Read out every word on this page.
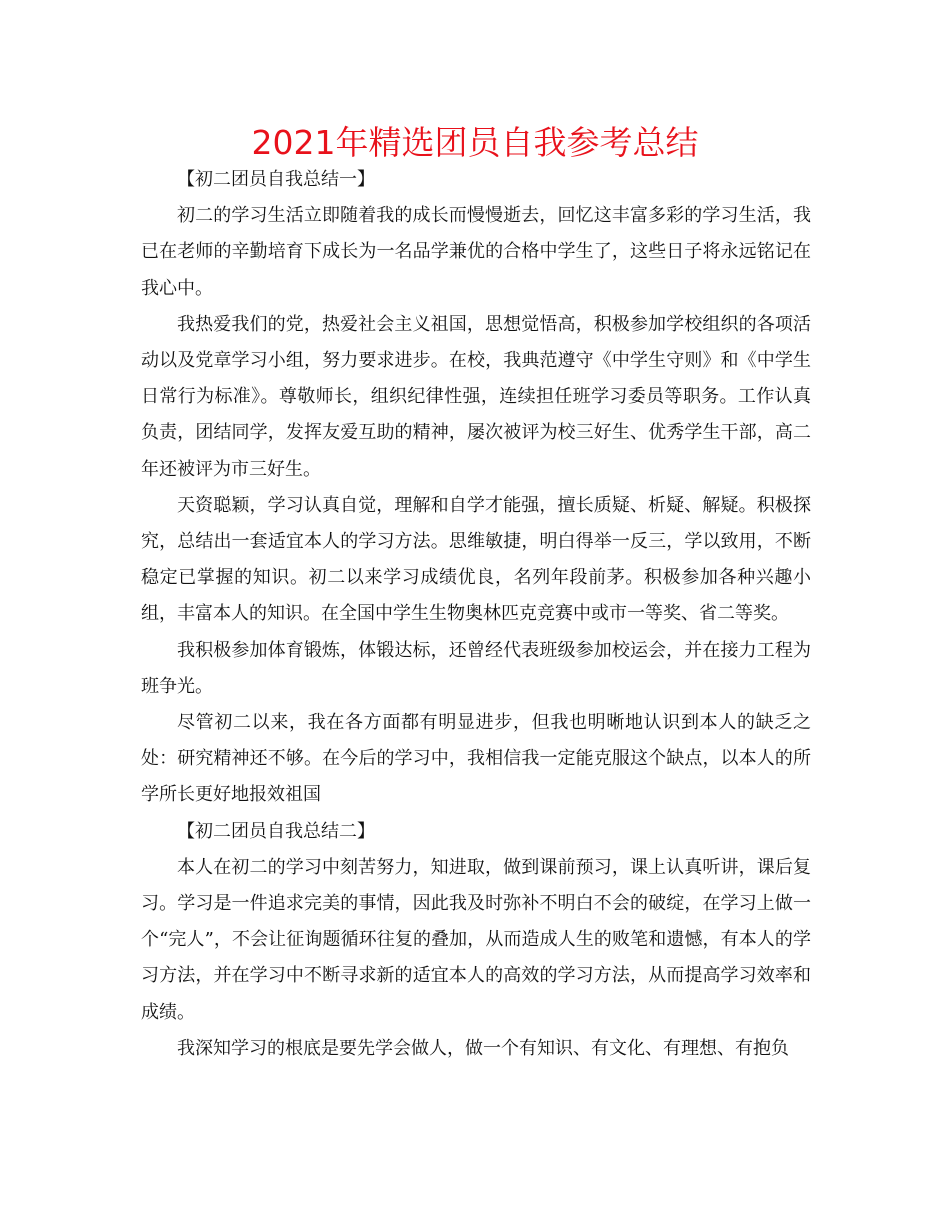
2021年精选团员自我参考总结

【初二团员自我总结一】

初二的学习生活立即随着我的成长而慢慢逝去，回忆这丰富多彩的学习生活，我已在老师的辛勤培育下成长为一名品学兼优的合格中学生了，这些日子将永远铭记在我心中。

我热爱我们的党，热爱社会主义祖国，思想觉悟高，积极参加学校组织的各项活动以及党章学习小组，努力要求进步。在校，我典范遵守《中学生守则》和《中学生日常行为标准》。尊敬师长，组织纪律性强，连续担任班学习委员等职务。工作认真负责，团结同学，发挥友爱互助的精神，屡次被评为校三好生、优秀学生干部，高二年还被评为市三好生。

天资聪颖，学习认真自觉，理解和自学才能强，擅长质疑、析疑、解疑。积极探究，总结出一套适宜本人的学习方法。思维敏捷，明白得举一反三，学以致用，不断稳定已掌握的知识。初二以来学习成绩优良，名列年段前茅。积极参加各种兴趣小组，丰富本人的知识。在全国中学生生物奥林匹克竞赛中或市一等奖、省二等奖。

我积极参加体育锻炼，体锻达标，还曾经代表班级参加校运会，并在接力工程为班争光。

尽管初二以来，我在各方面都有明显进步，但我也明晰地认识到本人的缺乏之处：研究精神还不够。在今后的学习中，我相信我一定能克服这个缺点，以本人的所学所长更好地报效祖国

【初二团员自我总结二】

本人在初二的学习中刻苦努力，知进取，做到课前预习，课上认真听讲，课后复习。学习是一件追求完美的事情，因此我及时弥补不明白不会的破绽，在学习上做一个“完人”，不会让征询题循环往复的叠加，从而造成人生的败笔和遗憾，有本人的学习方法，并在学习中不断寻求新的适宜本人的高效的学习方法，从而提高学习效率和成绩。

我深知学习的根底是要先学会做人，做一个有知识、有文化、有理想、有抱负
